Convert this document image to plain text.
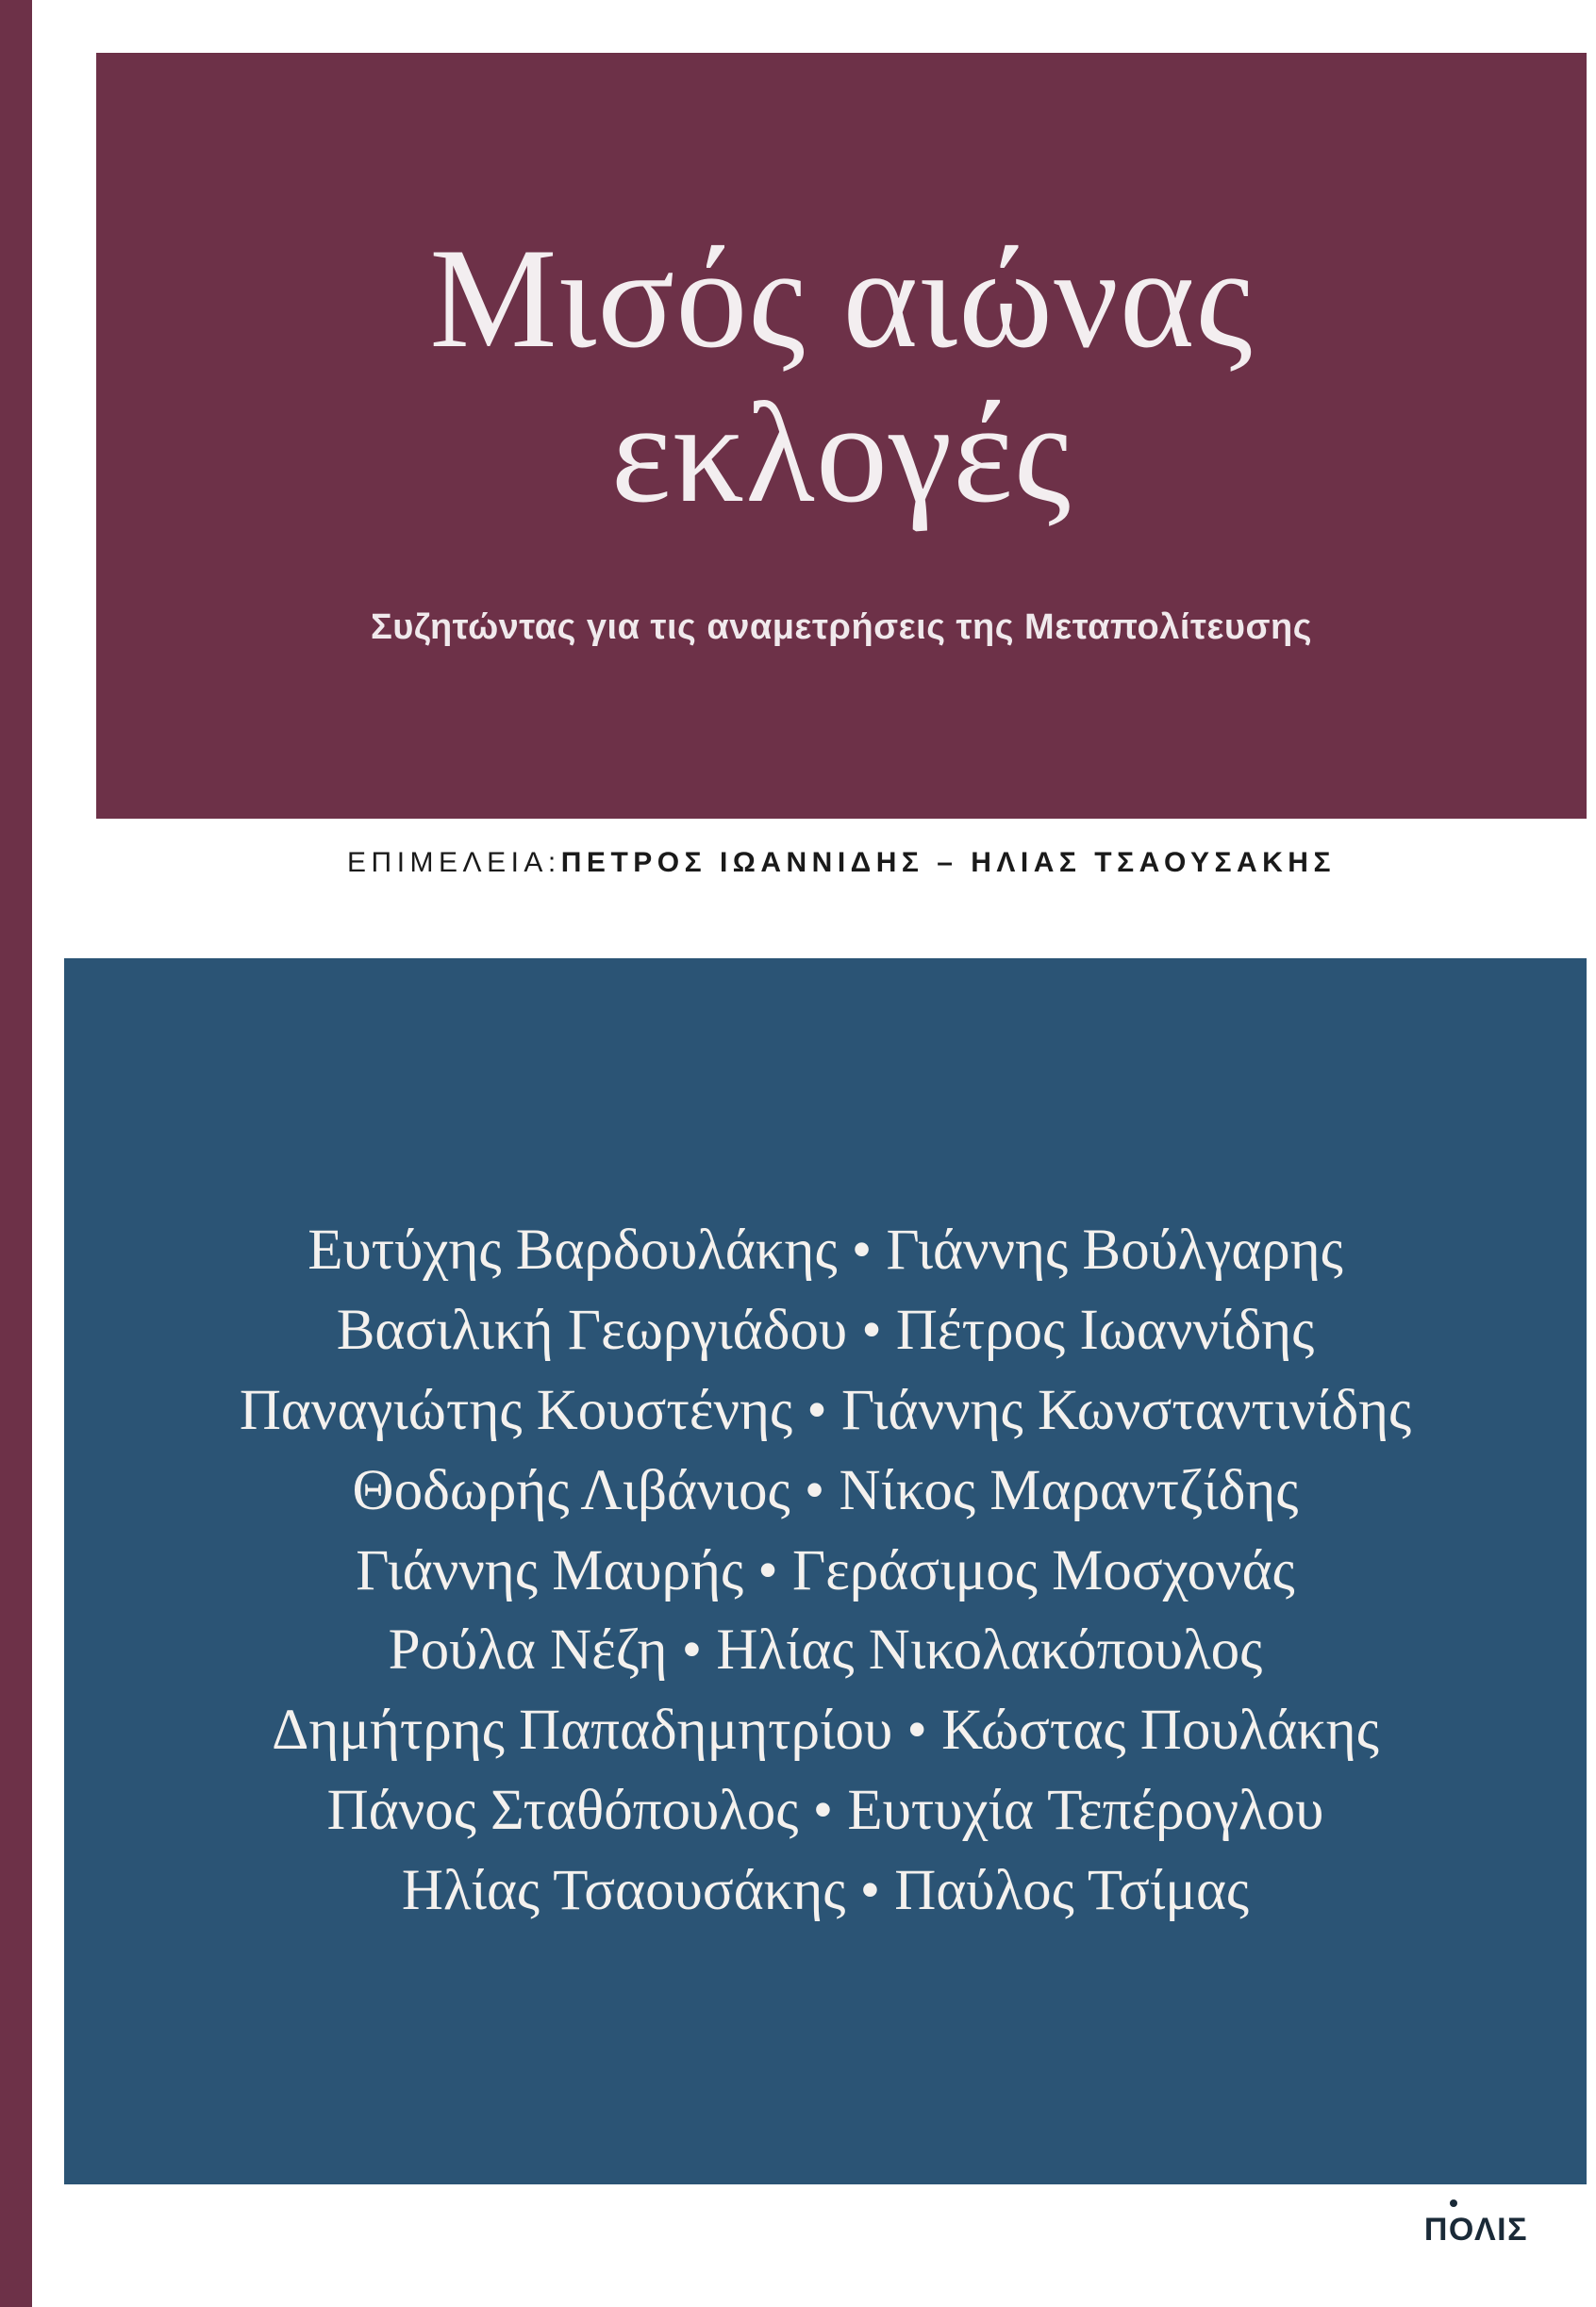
Μισός αιώνας
εκλογές
Συζητώντας για τις αναμετρήσεις της Μεταπολίτευσης
ΕΠΙΜΕΛΕΙΑ:ΠΕΤΡΟΣ ΙΩΑΝΝΙΔΗΣ – ΗΛΙΑΣ ΤΣΑΟΥΣΑΚΗΣ
Ευτύχης Βαρδουλάκης • Γιάννης Βούλγαρης
Βασιλική Γεωργιάδου • Πέτρος Ιωαννίδης
Παναγιώτης Κουστένης • Γιάννης Κωνσταντινίδης
Θοδωρής Λιβάνιος • Νίκος Μαραντζίδης
Γιάννης Μαυρής • Γεράσιμος Μοσχονάς
Ρούλα Νέζη • Ηλίας Νικολακόπουλος
Δημήτρης Παπαδημητρίου • Κώστας Πουλάκης
Πάνος Σταθόπουλος • Ευτυχία Τεπέρογλου
Ηλίας Τσαουσάκης • Παύλος Τσίμας
ΠΟΛΙΣ
